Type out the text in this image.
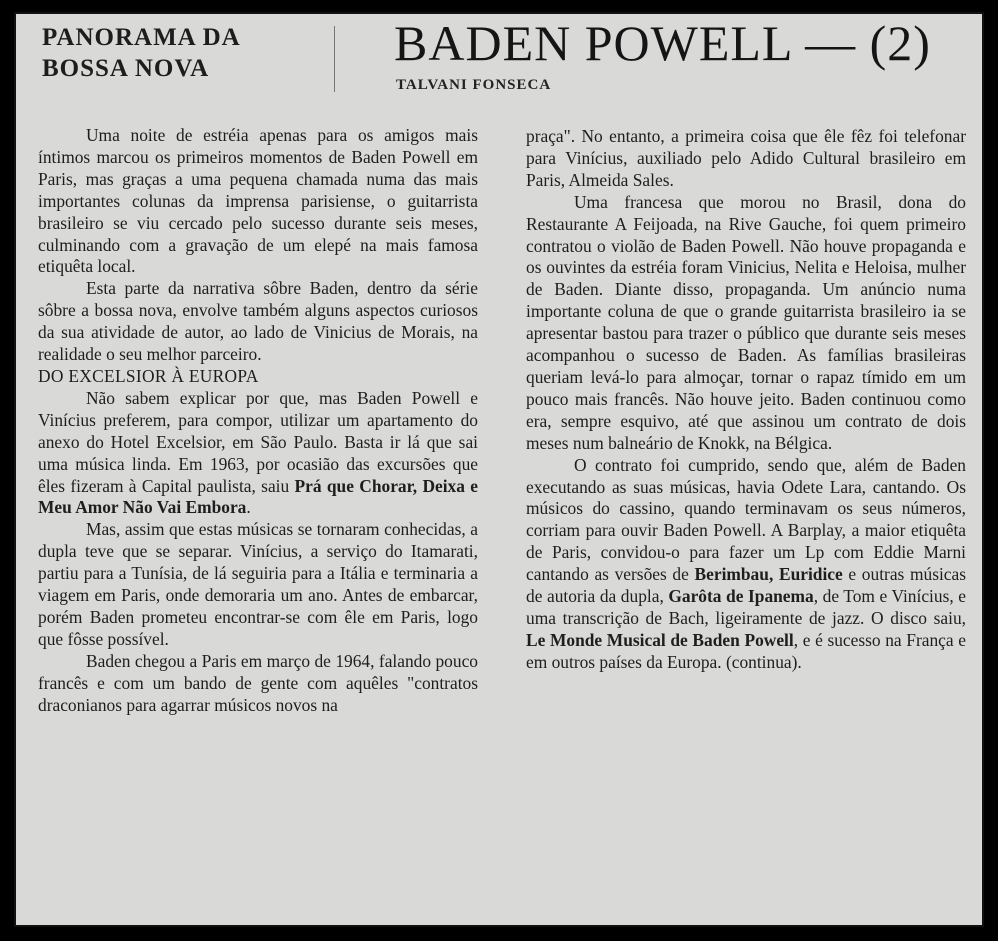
PANORAMA DA
BOSSA NOVA	BADEN POWELL — (2)
TALVANI FONSECA

Uma noite de estréia apenas para os amigos mais íntimos marcou os primeiros momentos de Baden Powell em Paris, mas graças a uma pequena chamada numa das mais importantes colunas da imprensa parisiense, o guitarrista brasileiro se viu cercado pelo sucesso durante seis meses, culminando com a gravação de um elepé na mais famosa etiquêta local.

Esta parte da narrativa sôbre Baden, dentro da série sôbre a bossa nova, envolve também alguns aspectos curiosos da sua atividade de autor, ao lado de Vinicius de Morais, na realidade o seu melhor parceiro.

DO EXCELSIOR À EUROPA

Não sabem explicar por que, mas Baden Powell e Vinícius preferem, para compor, utilizar um apartamento do anexo do Hotel Excelsior, em São Paulo. Basta ir lá que sai uma música linda. Em 1963, por ocasião das excursões que êles fizeram à Capital paulista, saiu Prá que Chorar, Deixa e Meu Amor Não Vai Embora.

Mas, assim que estas músicas se tornaram conhecidas, a dupla teve que se separar. Vinícius, a serviço do Itamarati, partiu para a Tunísia, de lá seguiria para a Itália e terminaria a viagem em Paris, onde demoraria um ano. Antes de embarcar, porém Baden prometeu encontrar-se com êle em Paris, logo que fôsse possível.

Baden chegou a Paris em março de 1964, falando pouco francês e com um bando de gente com aquêles "contratos draconianos para agarrar músicos novos na

praça". No entanto, a primeira coisa que êle fêz foi telefonar para Vinícius, auxiliado pelo Adido Cultural brasileiro em Paris, Almeida Sales.

Uma francesa que morou no Brasil, dona do Restaurante A Feijoada, na Rive Gauche, foi quem primeiro contratou o violão de Baden Powell. Não houve propaganda e os ouvintes da estréia foram Vinicius, Nelita e Heloisa, mulher de Baden. Diante disso, propaganda. Um anúncio numa importante coluna de que o grande guitarrista brasileiro ia se apresentar bastou para trazer o público que durante seis meses acompanhou o sucesso de Baden. As famílias brasileiras queriam levá-lo para almoçar, tornar o rapaz tímido em um pouco mais francês. Não houve jeito. Baden continuou como era, sempre esquivo, até que assinou um contrato de dois meses num balneário de Knokk, na Bélgica.

O contrato foi cumprido, sendo que, além de Baden executando as suas músicas, havia Odete Lara, cantando. Os músicos do cassino, quando terminavam os seus números, corriam para ouvir Baden Powell. A Barplay, a maior etiquêta de Paris, convidou-o para fazer um Lp com Eddie Marni cantando as versões de Berimbau, Euridice e outras músicas de autoria da dupla, Garôta de Ipanema, de Tom e Vinícius, e uma transcrição de Bach, ligeiramente de jazz. O disco saiu, Le Monde Musical de Baden Powell, e é sucesso na França e em outros países da Europa. (continua).
